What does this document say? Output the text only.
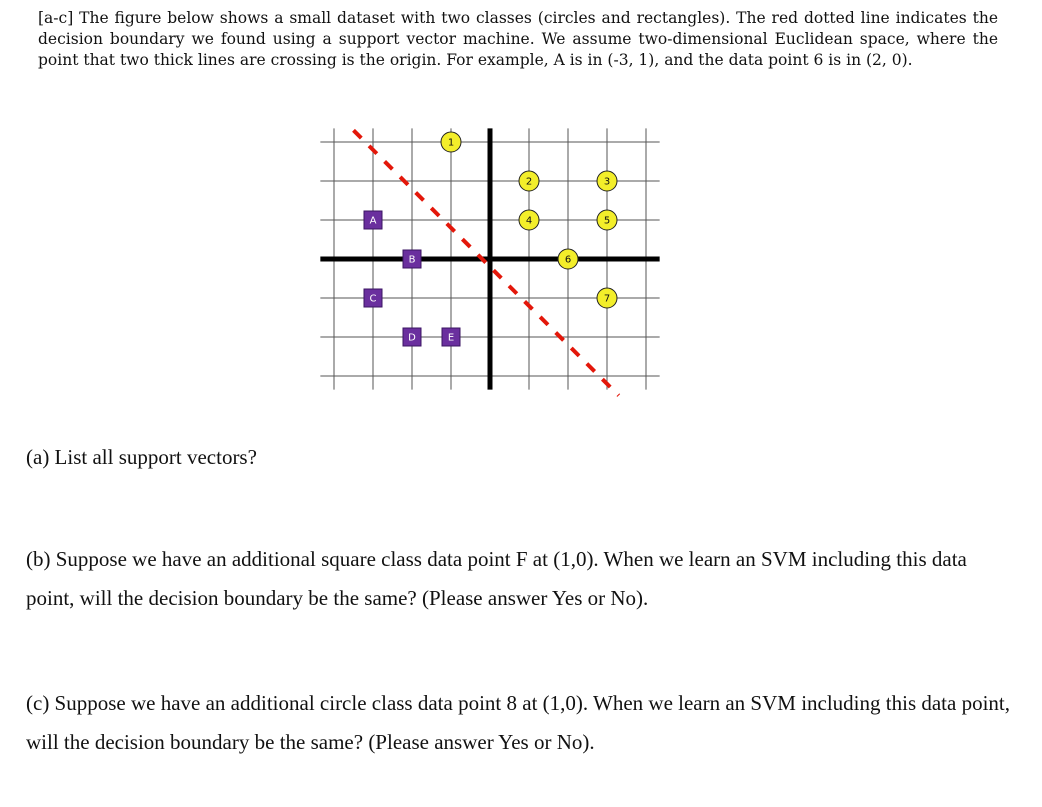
[a-c] The figure below shows a small dataset with two classes (circles and rectangles). The red dotted line indicates the decision boundary we found using a support vector machine. We assume two-dimensional Euclidean space, where the point that two thick lines are crossing is the origin. For example, A is in (-3, 1), and the data point 6 is in (2, 0).

A
B
C
D	E
1
2	3
4	5
6
7

(a) List all support vectors?

(b) Suppose we have an additional square class data point F at (1,0). When we learn an SVM including this data point, will the decision boundary be the same? (Please answer Yes or No).

(c) Suppose we have an additional circle class data point 8 at (1,0). When we learn an SVM including this data point, will the decision boundary be the same? (Please answer Yes or No).
